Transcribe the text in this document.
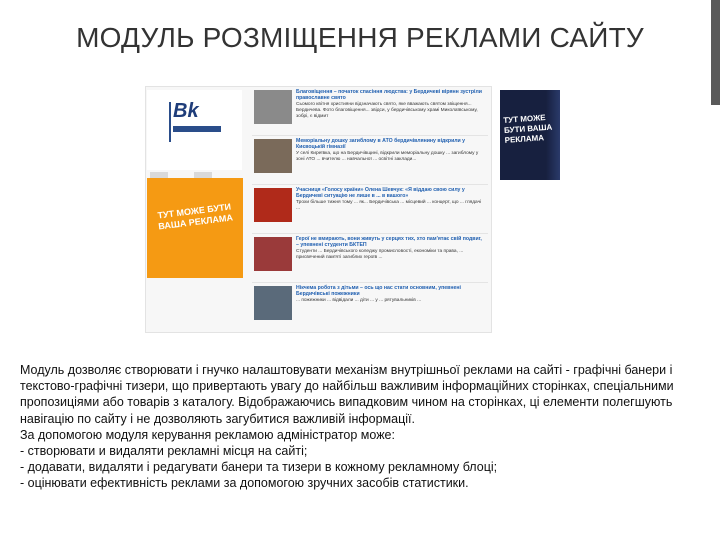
МОДУЛЬ РОЗМІЩЕННЯ РЕКЛАМИ САЙТУ
Bk
ТУТ МОЖЕ БУТИ ВАША РЕКЛАМА
Благовіщення – початок спасіння людства: у Бердичеві вірянн зустріли православне свято
Сьомого квітня християни відзначають свято, яке вважають святом звіщення... Бердичева. Фото благовіщення... звідси, у бердичівському храмі Миколаївському, зобрі, є відмит
Меморіальну дошку загиблому в АТО бердичівлянину відкрили у Києвоцькій гімназії
У селі Киреївка, що на Бердичівщині, відкрили меморіальну дошку ... загиблому у зоні АТО ... вчителю ... навчальної ... освітні заклади...
Учасниця «Голосу країни» Олена Шевчук: «Я віддаю свою силу у Бердичеві ситуацію не лише в ... в вашого»
Трохи більше тижня тому ... як... Бердичівська ... місцевий ... концерт, що ... глядачі ...
Герої не вмирають, вони живуть у серцях тих, хто пам'ятає свій подвиг, – упевнені студенти БКТЕП
Студенти ... Бердичівського коледжу промисловості, економіки та права, ... присвячений пам'яті загиблих героїв ...
Нікчема робота з дітьми – ось що нас стати основним, упевнені Бердичівські пожежники
... пожежники ... відвідали ... діти ... у ... рятувальників ...
ТУТ МОЖЕ БУТИ ВАША РЕКЛАМА
Модуль дозволяє створювати і гнучко налаштовувати механізм внутрішньої реклами на сайті - графічні банери і текстово-графічні тизери, що привертають увагу до найбільш важливим інформаційних сторінках, спеціальними пропозиціями або товарів з каталогу. Відображаючись випадковим чином на сторінках, ці елементи полегшують навігацію по сайту і не дозволяють загубитися важливій інформації.
За допомогою модуля керування рекламою адміністратор може:
- створювати и видаляти рекламні місця на сайті;
- додавати, видаляти і редагувати банери та тизери в кожному рекламному блоці;
- оцінювати ефективність реклами за допомогою зручних засобів статистики.
